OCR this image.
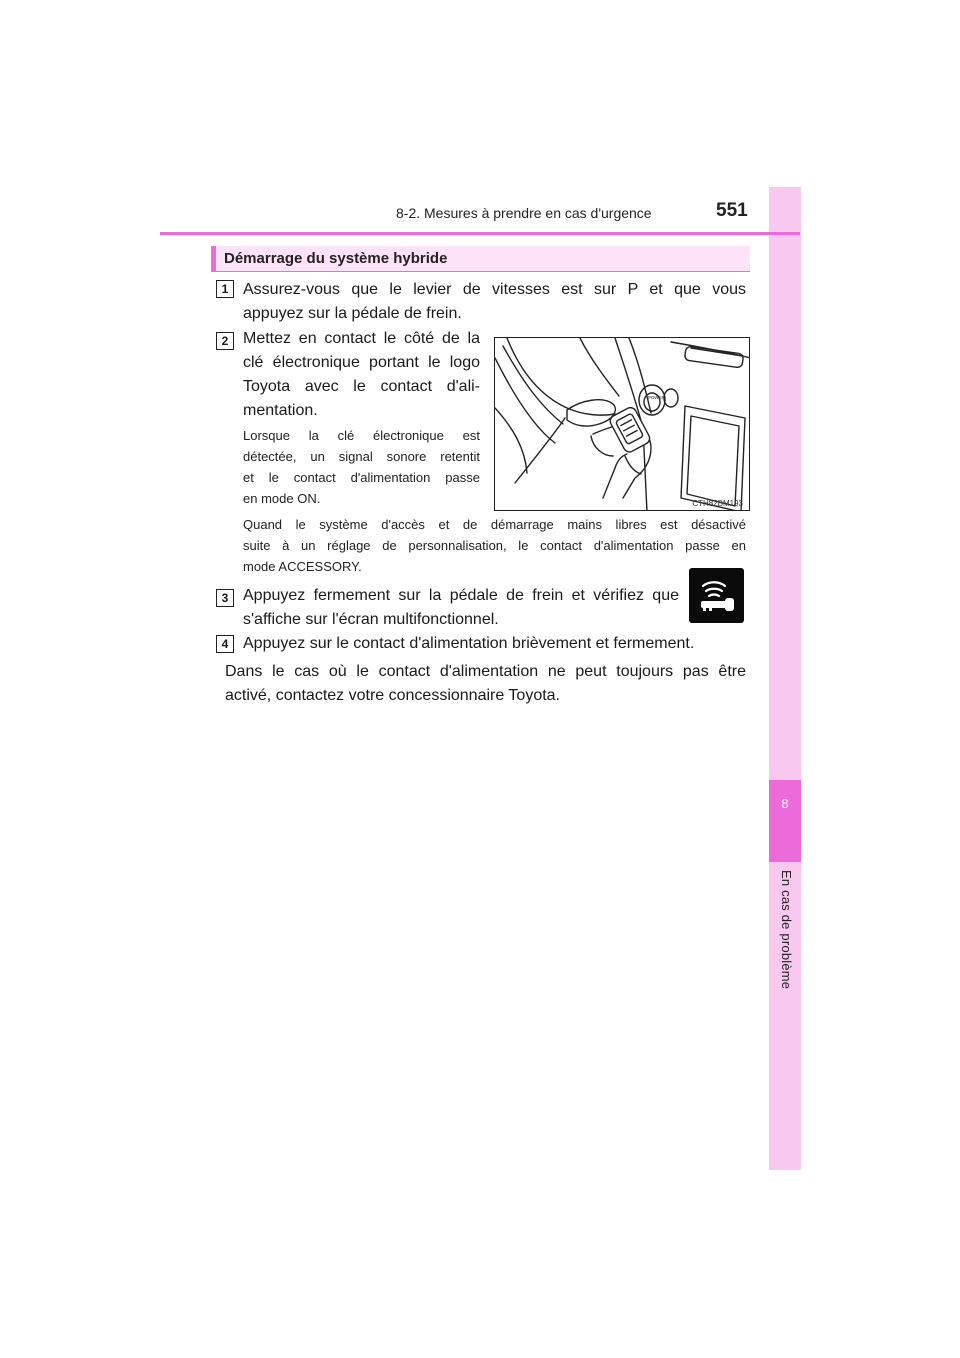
8
En cas de problème
8-2. Mesures à prendre en cas d'urgence	551
Démarrage du système hybride
1 Assurez-vous que le levier de vitesses est sur P et que vous
appuyez sur la pédale de frein.
2 Mettez en contact le côté de la
clé électronique portant le logo
Toyota avec le contact d'ali-
mentation.
Lorsque la clé électronique est
détectée, un signal sonore retentit
et le contact d'alimentation passe
en mode ON.
POWER
CTH82BM193
Quand le système d'accès et de démarrage mains libres est désactivé
suite à un réglage de personnalisation, le contact d'alimentation passe en
mode ACCESSORY.
3 Appuyez fermement sur la pédale de frein et vérifiez que
s'affiche sur l'écran multifonctionnel.
4 Appuyez sur le contact d'alimentation brièvement et fermement.
Dans le cas où le contact d'alimentation ne peut toujours pas être
activé, contactez votre concessionnaire Toyota.
